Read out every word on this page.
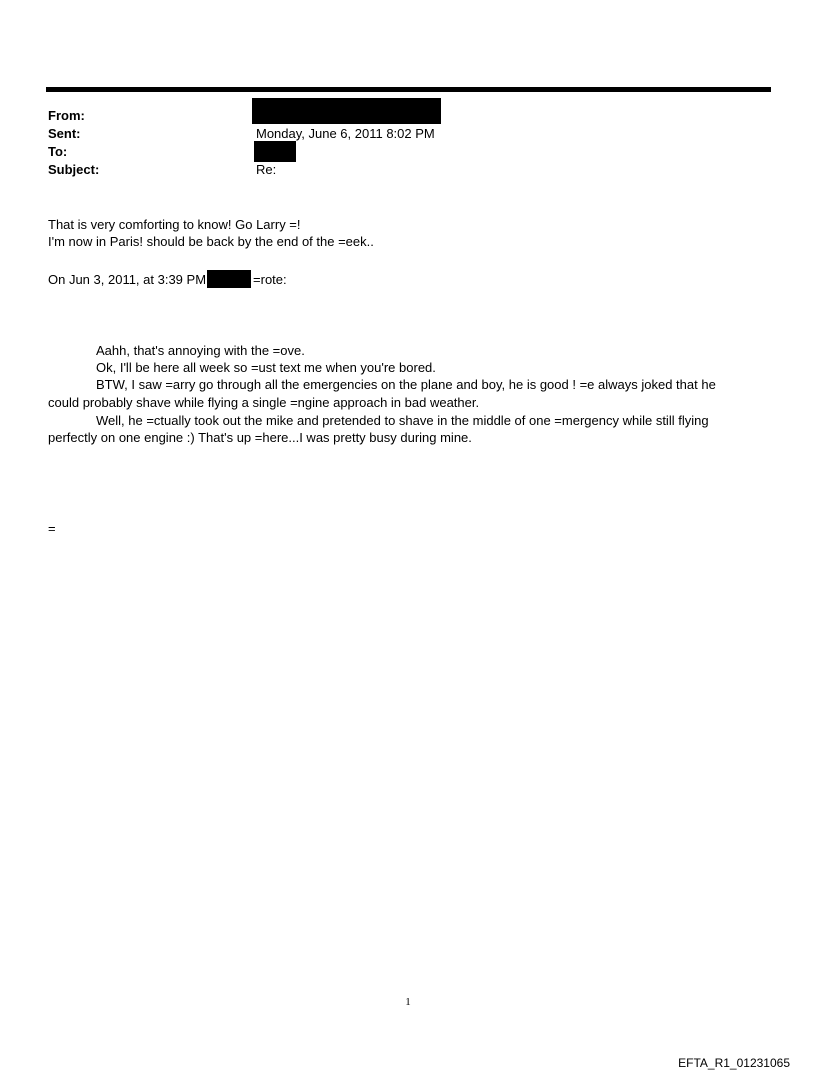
From:
Sent:	Monday, June 6, 2011 8:02 PM
To:
Subject:	Re:
That is very comforting to know! Go Larry =!
I'm now in Paris! should be back by the end of the =eek..
On Jun 3, 2011, at 3:39 PM	=rote:
Aahh, that's annoying with the =ove.
Ok, I'll be here all week so =ust text me when you're bored.
BTW, I saw =arry go through all the emergencies on the plane and boy, he is good ! =e always joked that he
could probably shave while flying a single =ngine approach in bad weather.
Well, he =ctually took out the mike and pretended to shave in the middle of one =mergency while still flying
perfectly on one engine :) That's up =here...I was pretty busy during mine.
=
1
EFTA_R1_01231065
